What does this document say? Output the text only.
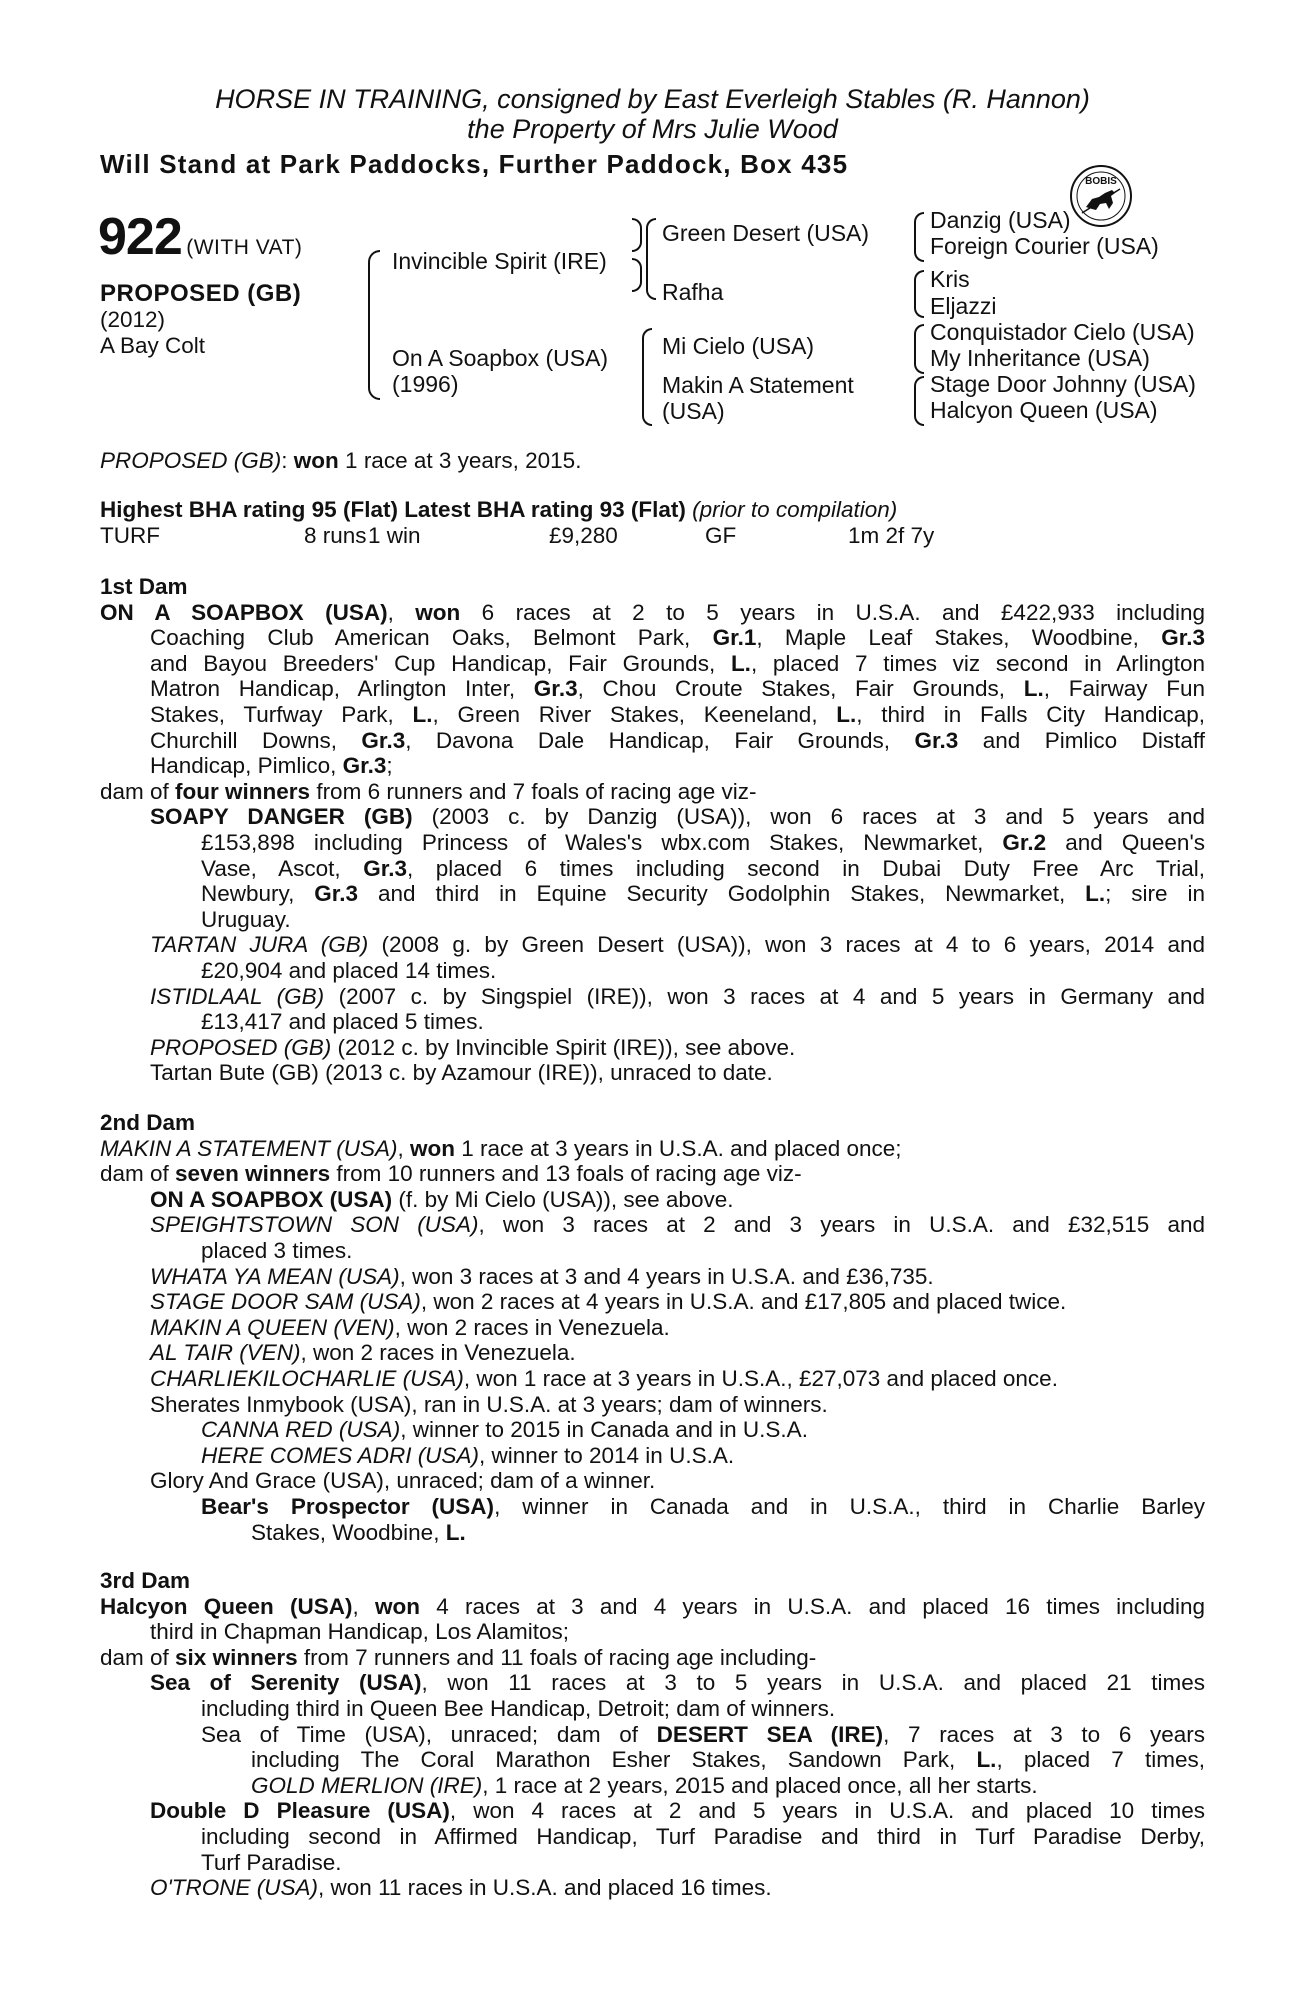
HORSE IN TRAINING, consigned by East Everleigh Stables (R. Hannon)
the Property of Mrs Julie Wood
Will Stand at Park Paddocks, Further Paddock, Box 435
BOBIS
922 (WITH VAT)
PROPOSED (GB)
(2012)
A Bay Colt
Invincible Spirit (IRE)
On A Soapbox (USA)
(1996)
Green Desert (USA)
Rafha
Mi Cielo (USA)
Makin A Statement
(USA)
Danzig (USA)
Foreign Courier (USA)
Kris
Eljazzi
Conquistador Cielo (USA)
My Inheritance (USA)
Stage Door Johnny (USA)
Halcyon Queen (USA)
PROPOSED (GB): won 1 race at 3 years, 2015.
Highest BHA rating 95 (Flat) Latest BHA rating 93 (Flat) (prior to compilation)
TURF	8 runs 1 win	£9,280	GF	1m 2f 7y
1st Dam
ON A SOAPBOX (USA), won 6 races at 2 to 5 years in U.S.A. and £422,933 including
Coaching Club American Oaks, Belmont Park, Gr.1, Maple Leaf Stakes, Woodbine, Gr.3
and Bayou Breeders' Cup Handicap, Fair Grounds, L., placed 7 times viz second in Arlington
Matron Handicap, Arlington Inter, Gr.3, Chou Croute Stakes, Fair Grounds, L., Fairway Fun
Stakes, Turfway Park, L., Green River Stakes, Keeneland, L., third in Falls City Handicap,
Churchill Downs, Gr.3, Davona Dale Handicap, Fair Grounds, Gr.3 and Pimlico Distaff
Handicap, Pimlico, Gr.3;
dam of four winners from 6 runners and 7 foals of racing age viz-
SOAPY DANGER (GB) (2003 c. by Danzig (USA)), won 6 races at 3 and 5 years and
£153,898 including Princess of Wales's wbx.com Stakes, Newmarket, Gr.2 and Queen's
Vase, Ascot, Gr.3, placed 6 times including second in Dubai Duty Free Arc Trial,
Newbury, Gr.3 and third in Equine Security Godolphin Stakes, Newmarket, L.; sire in
Uruguay.
TARTAN JURA (GB) (2008 g. by Green Desert (USA)), won 3 races at 4 to 6 years, 2014 and
£20,904 and placed 14 times.
ISTIDLAAL (GB) (2007 c. by Singspiel (IRE)), won 3 races at 4 and 5 years in Germany and
£13,417 and placed 5 times.
PROPOSED (GB) (2012 c. by Invincible Spirit (IRE)), see above.
Tartan Bute (GB) (2013 c. by Azamour (IRE)), unraced to date.
2nd Dam
MAKIN A STATEMENT (USA), won 1 race at 3 years in U.S.A. and placed once;
dam of seven winners from 10 runners and 13 foals of racing age viz-
ON A SOAPBOX (USA) (f. by Mi Cielo (USA)), see above.
SPEIGHTSTOWN SON (USA), won 3 races at 2 and 3 years in U.S.A. and £32,515 and
placed 3 times.
WHATA YA MEAN (USA), won 3 races at 3 and 4 years in U.S.A. and £36,735.
STAGE DOOR SAM (USA), won 2 races at 4 years in U.S.A. and £17,805 and placed twice.
MAKIN A QUEEN (VEN), won 2 races in Venezuela.
AL TAIR (VEN), won 2 races in Venezuela.
CHARLIEKILOCHARLIE (USA), won 1 race at 3 years in U.S.A., £27,073 and placed once.
Sherates Inmybook (USA), ran in U.S.A. at 3 years; dam of winners.
CANNA RED (USA), winner to 2015 in Canada and in U.S.A.
HERE COMES ADRI (USA), winner to 2014 in U.S.A.
Glory And Grace (USA), unraced; dam of a winner.
Bear's Prospector (USA), winner in Canada and in U.S.A., third in Charlie Barley
Stakes, Woodbine, L.
3rd Dam
Halcyon Queen (USA), won 4 races at 3 and 4 years in U.S.A. and placed 16 times including
third in Chapman Handicap, Los Alamitos;
dam of six winners from 7 runners and 11 foals of racing age including-
Sea of Serenity (USA), won 11 races at 3 to 5 years in U.S.A. and placed 21 times
including third in Queen Bee Handicap, Detroit; dam of winners.
Sea of Time (USA), unraced; dam of DESERT SEA (IRE), 7 races at 3 to 6 years
including The Coral Marathon Esher Stakes, Sandown Park, L., placed 7 times,
GOLD MERLION (IRE), 1 race at 2 years, 2015 and placed once, all her starts.
Double D Pleasure (USA), won 4 races at 2 and 5 years in U.S.A. and placed 10 times
including second in Affirmed Handicap, Turf Paradise and third in Turf Paradise Derby,
Turf Paradise.
O'TRONE (USA), won 11 races in U.S.A. and placed 16 times.
